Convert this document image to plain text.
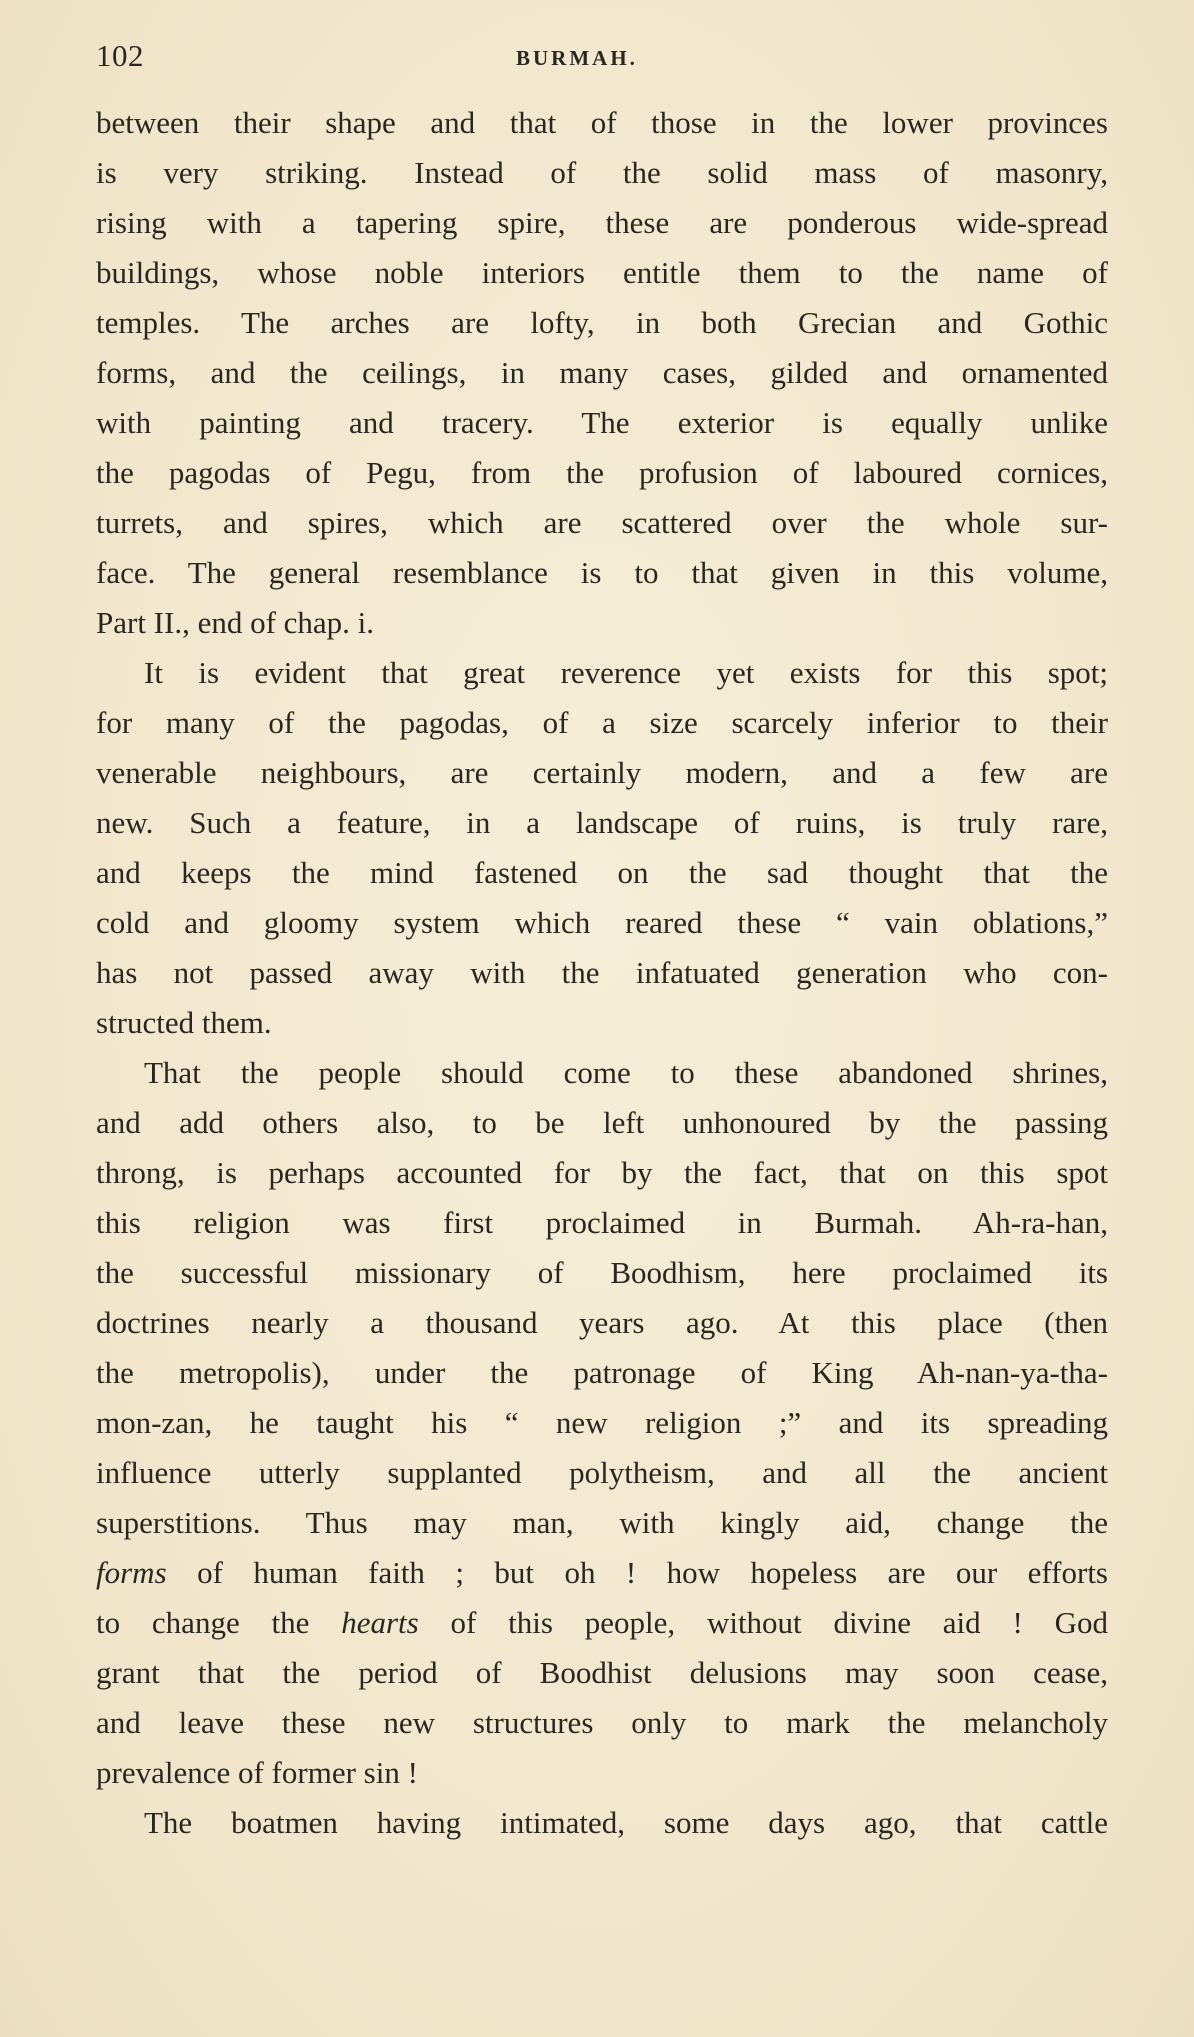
102	BURMAH.
between their shape and that of those in the lower provinces
is very striking. Instead of the solid mass of masonry,
rising with a tapering spire, these are ponderous wide-spread
buildings, whose noble interiors entitle them to the name of
temples. The arches are lofty, in both Grecian and Gothic
forms, and the ceilings, in many cases, gilded and ornamented
with painting and tracery. The exterior is equally unlike
the pagodas of Pegu, from the profusion of laboured cornices,
turrets, and spires, which are scattered over the whole sur-
face. The general resemblance is to that given in this volume,
Part II., end of chap. i.
It is evident that great reverence yet exists for this spot;
for many of the pagodas, of a size scarcely inferior to their
venerable neighbours, are certainly modern, and a few are
new. Such a feature, in a landscape of ruins, is truly rare,
and keeps the mind fastened on the sad thought that the
cold and gloomy system which reared these “ vain oblations,”
has not passed away with the infatuated generation who con-
structed them.
That the people should come to these abandoned shrines,
and add others also, to be left unhonoured by the passing
throng, is perhaps accounted for by the fact, that on this spot
this religion was first proclaimed in Burmah. Ah-ra-han,
the successful missionary of Boodhism, here proclaimed its
doctrines nearly a thousand years ago. At this place (then
the metropolis), under the patronage of King Ah-nan-ya-tha-
mon-zan, he taught his “ new religion ;” and its spreading
influence utterly supplanted polytheism, and all the ancient
superstitions. Thus may man, with kingly aid, change the
forms of human faith ; but oh ! how hopeless are our efforts
to change the hearts of this people, without divine aid ! God
grant that the period of Boodhist delusions may soon cease,
and leave these new structures only to mark the melancholy
prevalence of former sin !
The boatmen having intimated, some days ago, that cattle
